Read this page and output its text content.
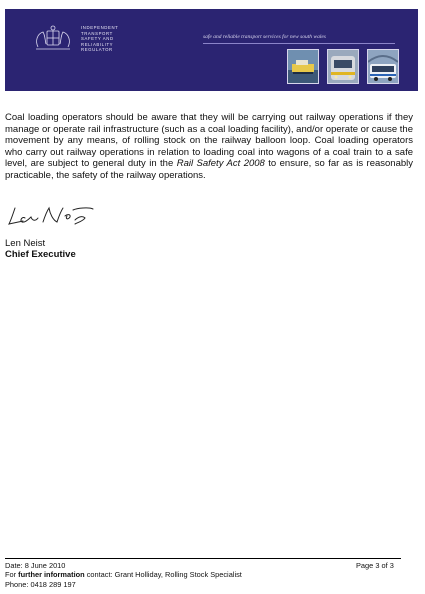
INDEPENDENT
TRANSPORT
SAFETY AND
RELIABILITY
REGULATOR
safe and reliable transport services for new south wales

Coal loading operators should be aware that they will be carrying out railway operations if they manage or operate rail infrastructure (such as a coal loading facility), and/or operate or cause the movement by any means, of rolling stock on the railway balloon loop. Coal loading operators who carry out railway operations in relation to loading coal into wagons of a coal train to a safe level, are subject to general duty in the Rail Safety Act 2008 to ensure, so far as is reasonably practicable, the safety of the railway operations.

Len Neist
Chief Executive
Date: 8 June 2010
For further information contact: Grant Holliday, Rolling Stock Specialist
Phone: 0418 289 197
Page 3 of 3
